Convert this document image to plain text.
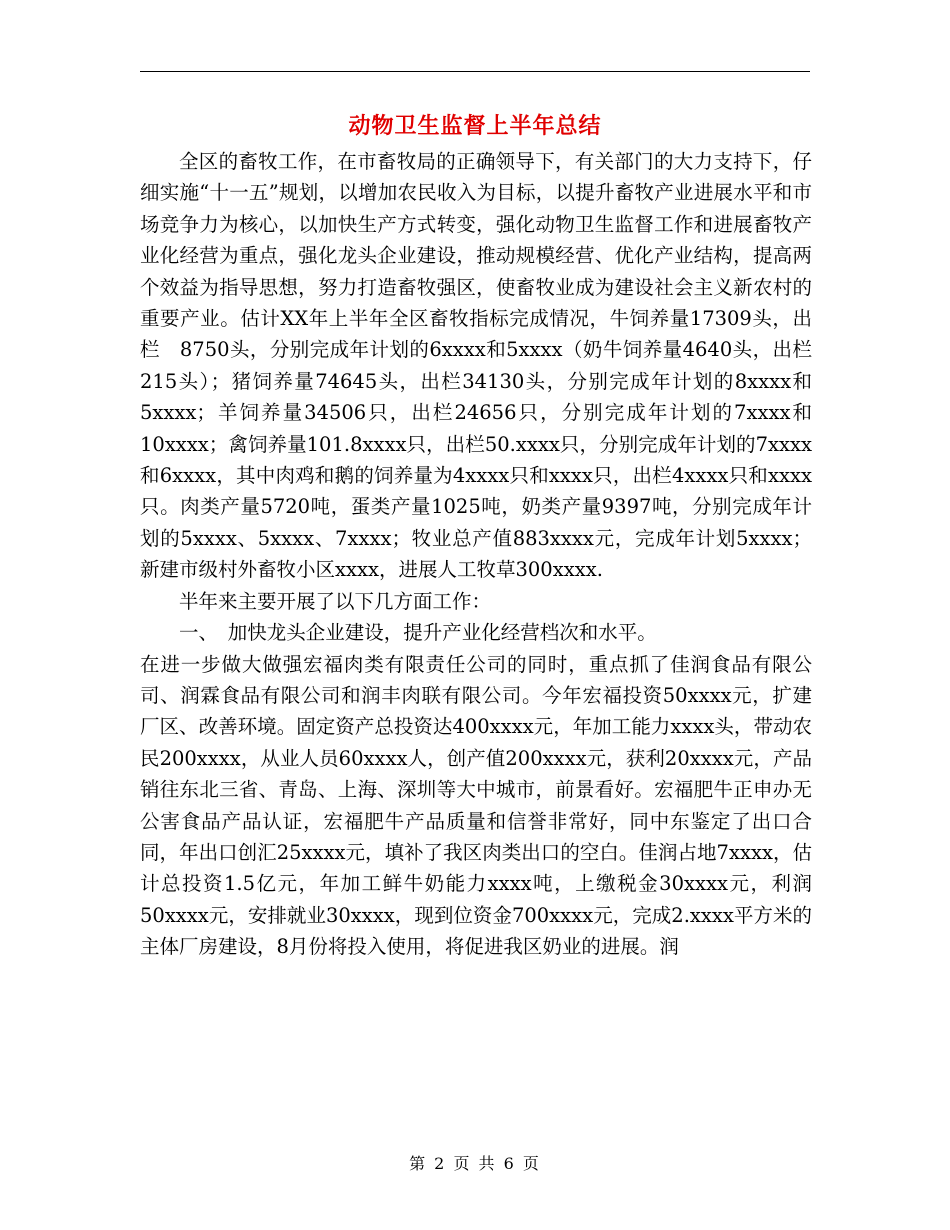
动物卫生监督上半年总结

全区的畜牧工作，在市畜牧局的正确领导下，有关部门的大力支持下，仔细实施“十一五”规划，以增加农民收入为目标，以提升畜牧产业进展水平和市场竞争力为核心，以加快生产方式转变，强化动物卫生监督工作和进展畜牧产业化经营为重点，强化龙头企业建设，推动规模经营、优化产业结构，提高两个效益为指导思想，努力打造畜牧强区，使畜牧业成为建设社会主义新农村的重要产业。估计XX年上半年全区畜牧指标完成情况，牛饲养量17309头，出栏　8750头，分别完成年计划的6xxxx和5xxxx（奶牛饲养量4640头，出栏　215头）；猪饲养量74645头，出栏34130头，分别完成年计划的8xxxx和5xxxx；羊饲养量34506只，出栏24656只，分别完成年计划的7xxxx和10xxxx；禽饲养量101.8xxxx只，出栏50.xxxx只，分别完成年计划的7xxxx和6xxxx，其中肉鸡和鹅的饲养量为4xxxx只和xxxx只，出栏4xxxx只和xxxx只。肉类产量5720吨，蛋类产量1025吨，奶类产量9397吨，分别完成年计划的5xxxx、5xxxx、7xxxx；牧业总产值883xxxx元，完成年计划5xxxx；新建市级村外畜牧小区xxxx，进展人工牧草300xxxx.

半年来主要开展了以下几方面工作：

一、　加快龙头企业建设，提升产业化经营档次和水平。

在进一步做大做强宏福肉类有限责任公司的同时，重点抓了佳润食品有限公司、润霖食品有限公司和润丰肉联有限公司。今年宏福投资50xxxx元，扩建厂区、改善环境。固定资产总投资达400xxxx元，年加工能力xxxx头，带动农民200xxxx，从业人员60xxxx人，创产值200xxxx元，获利20xxxx元，产品销往东北三省、青岛、上海、深圳等大中城市，前景看好。宏福肥牛正申办无公害食品产品认证，宏福肥牛产品质量和信誉非常好，同中东鉴定了出口合同，年出口创汇25xxxx元，填补了我区肉类出口的空白。佳润占地7xxxx，估计总投资1.5亿元，年加工鲜牛奶能力xxxx吨，上缴税金30xxxx元，利润50xxxx元，安排就业30xxxx，现到位资金700xxxx元，完成2.xxxx平方米的主体厂房建设，8月份将投入使用，将促进我区奶业的进展。润

第 2 页 共 6 页
